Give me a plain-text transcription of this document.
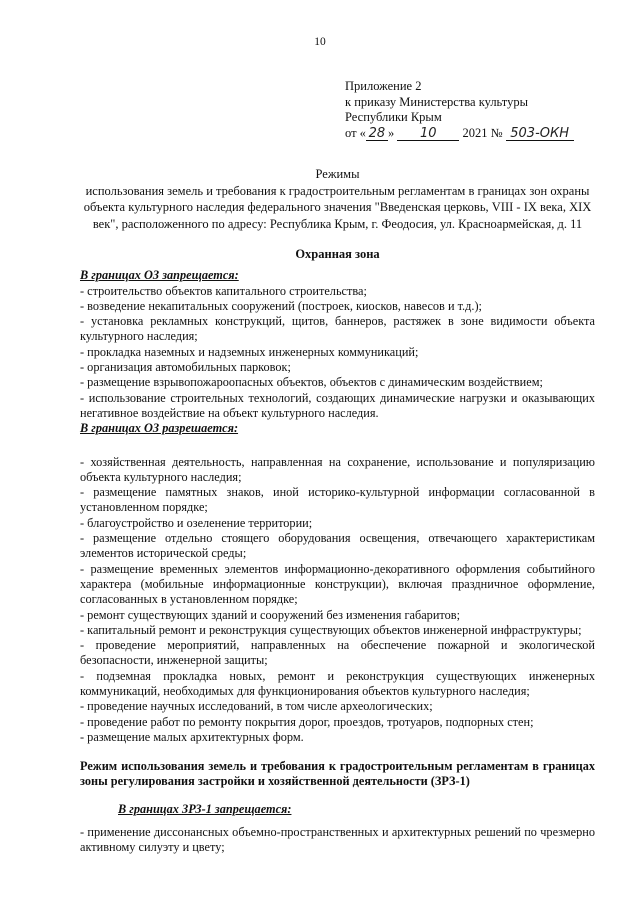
10
Приложение 2
к приказу Министерства культуры
Республики Крым
от « 28 » 10 2021 № 503-ОКН
Режимы
использования земель и требования к градостроительным регламентам в границах зон охраны объекта культурного наследия федерального значения "Введенская церковь, VIII - IX века, XIX век", расположенного по адресу: Республика Крым, г. Феодосия, ул. Красноармейская, д. 11
Охранная зона
В границах ОЗ запрещается:
- строительство объектов капитального строительства;
- возведение некапитальных сооружений (построек, киосков, навесов и т.д.);
- установка рекламных конструкций, щитов, баннеров, растяжек в зоне видимости объекта культурного наследия;
- прокладка наземных и надземных инженерных коммуникаций;
- организация автомобильных парковок;
- размещение взрывопожароопасных объектов, объектов с динамическим воздействием;
- использование строительных технологий, создающих динамические нагрузки и оказывающих негативное воздействие на объект культурного наследия.
В границах ОЗ разрешается:
- хозяйственная деятельность, направленная на сохранение, использование и популяризацию объекта культурного наследия;
- размещение памятных знаков, иной историко-культурной информации согласованной в установленном порядке;
- благоустройство и озеленение территории;
- размещение отдельно стоящего оборудования освещения, отвечающего характеристикам элементов исторической среды;
- размещение временных элементов информационно-декоративного оформления событийного характера (мобильные информационные конструкции), включая праздничное оформление, согласованных в установленном порядке;
- ремонт существующих зданий и сооружений без изменения габаритов;
- капитальный ремонт и реконструкция существующих объектов инженерной инфраструктуры;
- проведение мероприятий, направленных на обеспечение пожарной и экологической безопасности, инженерной защиты;
- подземная прокладка новых, ремонт и реконструкция существующих инженерных коммуникаций, необходимых для функционирования объектов культурного наследия;
- проведение научных исследований, в том числе археологических;
- проведение работ по ремонту покрытия дорог, проездов, тротуаров, подпорных стен;
- размещение малых архитектурных форм.
Режим использования земель и требования к градостроительным регламентам в границах зоны регулирования застройки и хозяйственной деятельности (ЗРЗ-1)
В границах ЗРЗ-1 запрещается:
- применение диссонансных объемно-пространственных и архитектурных решений по чрезмерно активному силуэту и цвету;
